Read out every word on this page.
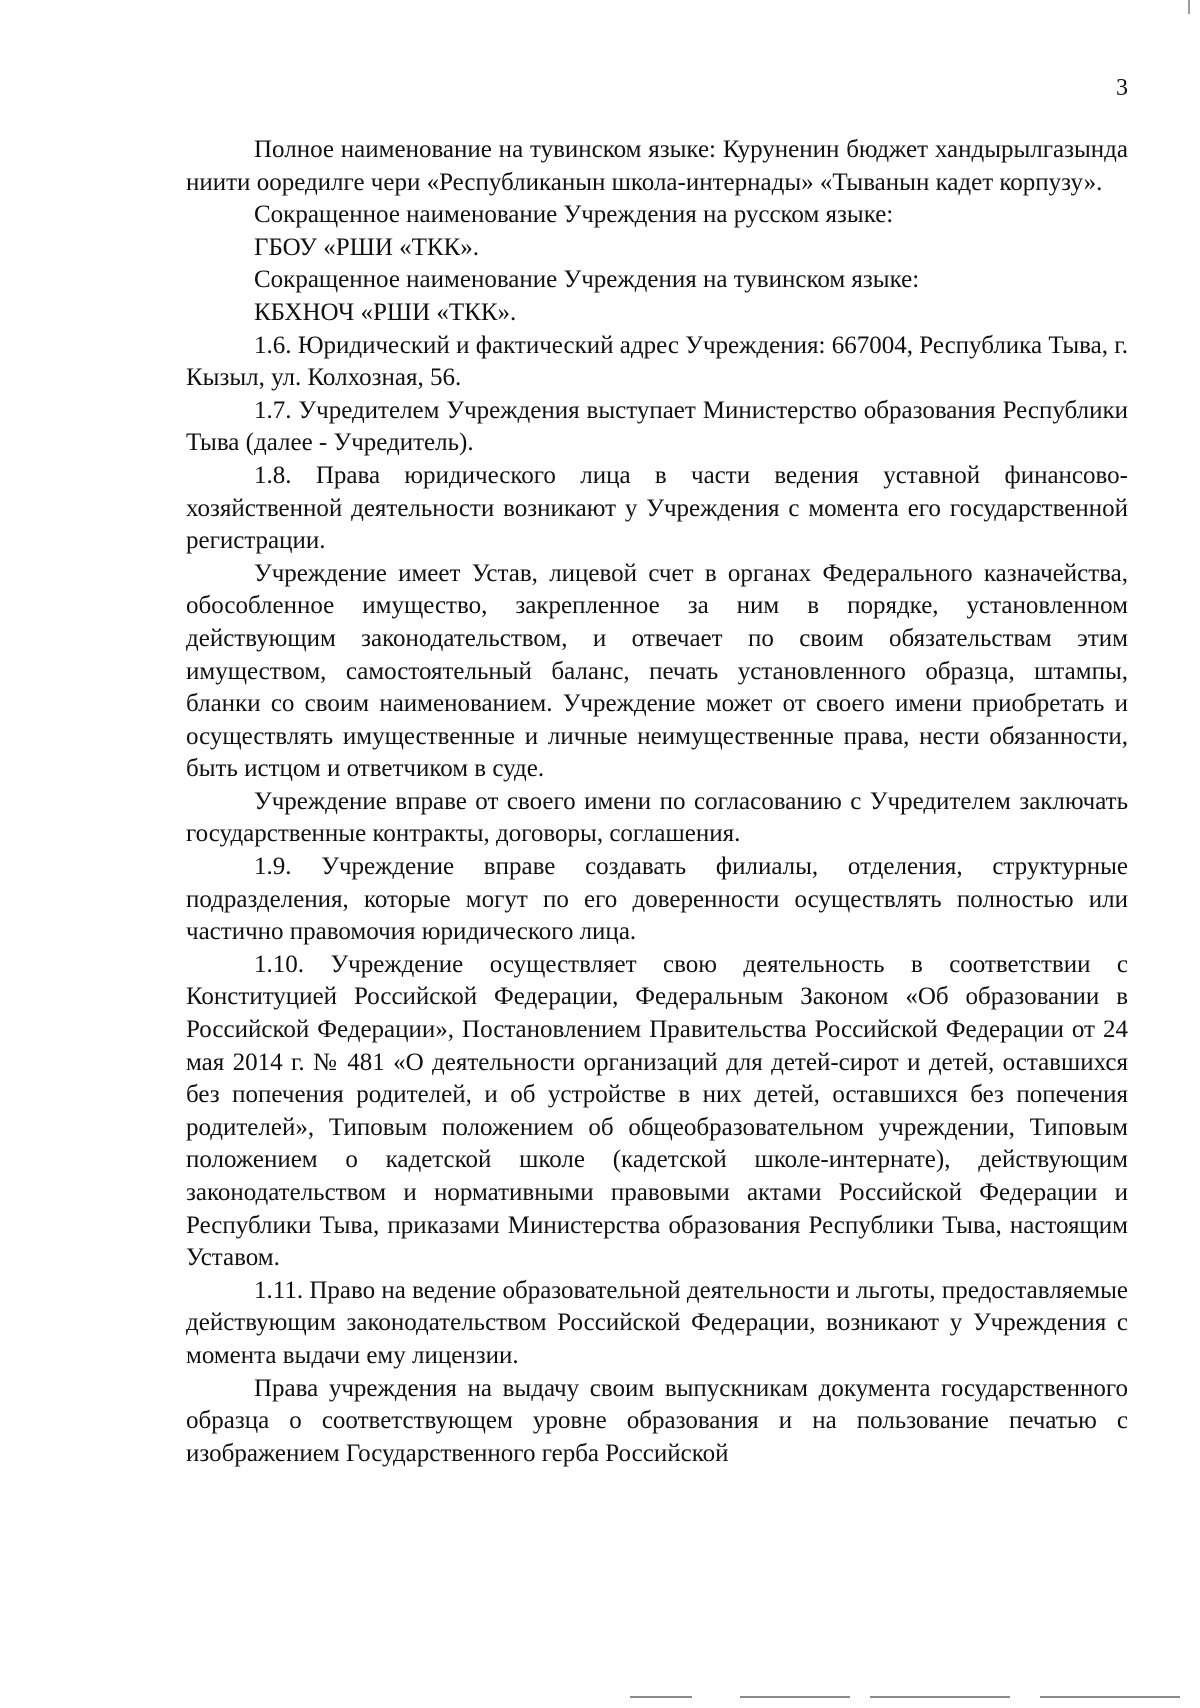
3

Полное наименование на тувинском языке: Куруненин бюджет хандырылгазында ниити ооредилге чери «Республиканын школа-интернады» «Тыванын кадет корпузу».

Сокращенное наименование Учреждения на русском языке:

ГБОУ «РШИ «ТКК».

Сокращенное наименование Учреждения на тувинском языке:

КБХНОЧ «РШИ «ТКК».

1.6. Юридический и фактический адрес Учреждения: 667004, Республика Тыва, г. Кызыл, ул. Колхозная, 56.

1.7. Учредителем Учреждения выступает Министерство образования Республики Тыва (далее - Учредитель).

1.8. Права юридического лица в части ведения уставной финансово-хозяйственной деятельности возникают у Учреждения с момента его государственной регистрации.

Учреждение имеет Устав, лицевой счет в органах Федерального казначейства, обособленное имущество, закрепленное за ним в порядке, установленном действующим законодательством, и отвечает по своим обязательствам этим имуществом, самостоятельный баланс, печать установленного образца, штампы, бланки со своим наименованием. Учреждение может от своего имени приобретать и осуществлять имущественные и личные неимущественные права, нести обязанности, быть истцом и ответчиком в суде.

Учреждение вправе от своего имени по согласованию с Учредителем заключать государственные контракты, договоры, соглашения.

1.9. Учреждение вправе создавать филиалы, отделения, структурные подразделения, которые могут по его доверенности осуществлять полностью или частично правомочия юридического лица.

1.10. Учреждение осуществляет свою деятельность в соответствии с Конституцией Российской Федерации, Федеральным Законом «Об образовании в Российской Федерации», Постановлением Правительства Российской Федерации от 24 мая 2014 г. № 481 «О деятельности организаций для детей-сирот и детей, оставшихся без попечения родителей, и об устройстве в них детей, оставшихся без попечения родителей», Типовым положением об общеобразовательном учреждении, Типовым положением о кадетской школе (кадетской школе-интернате), действующим законодательством и нормативными правовыми актами Российской Федерации и Республики Тыва, приказами Министерства образования Республики Тыва, настоящим Уставом.

1.11. Право на ведение образовательной деятельности и льготы, предоставляемые действующим законодательством Российской Федерации, возникают у Учреждения с момента выдачи ему лицензии.

Права учреждения на выдачу своим выпускникам документа государственного образца о соответствующем уровне образования и на пользование печатью с изображением Государственного герба Российской
